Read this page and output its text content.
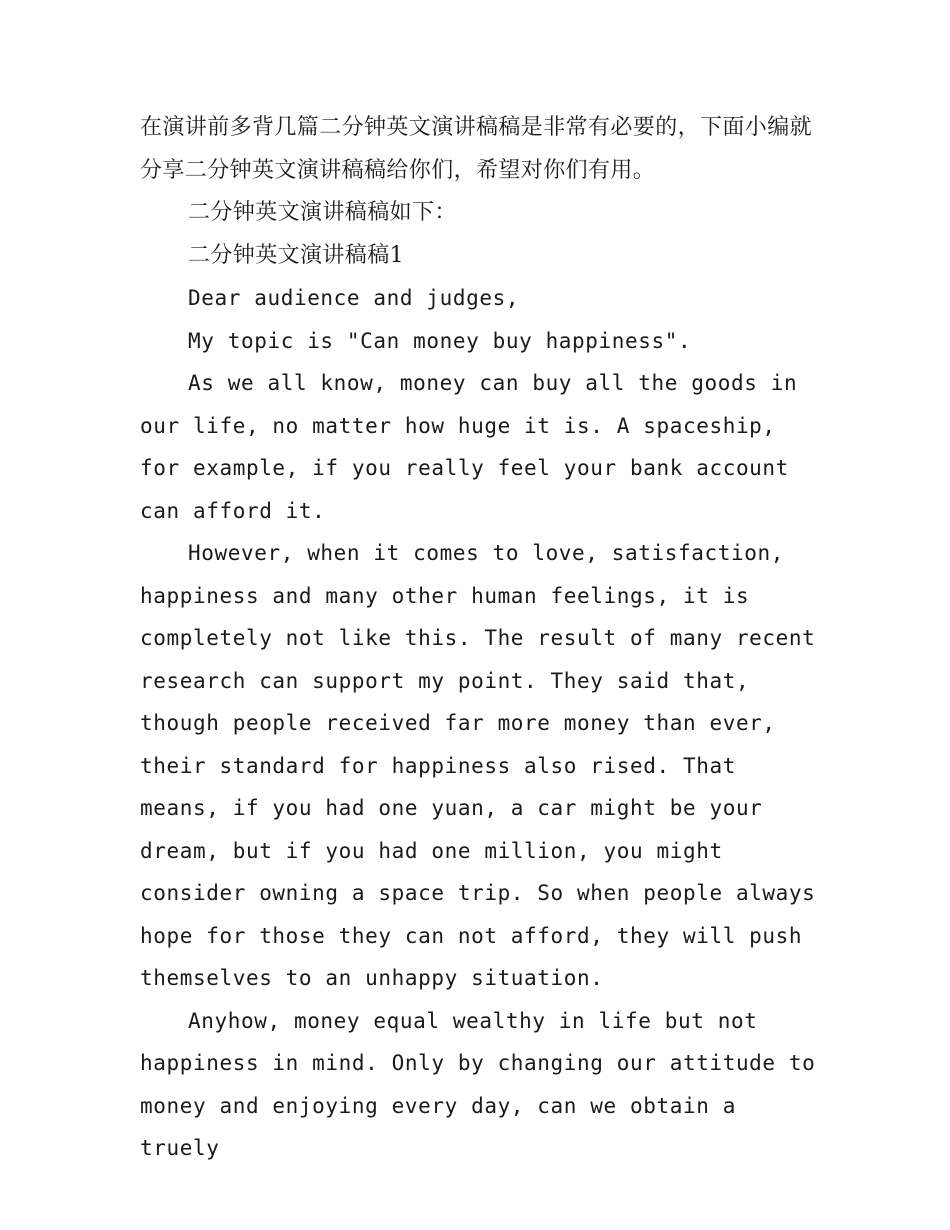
在演讲前多背几篇二分钟英文演讲稿稿是非常有必要的，下面小编就分享二分钟英文演讲稿稿给你们，希望对你们有用。

二分钟英文演讲稿稿如下：

二分钟英文演讲稿稿1

Dear audience and judges,

My topic is "Can money buy happiness".

As we all know, money can buy all the goods in our life, no matter how huge it is. A spaceship, for example, if you really feel your bank account can afford it.

However, when it comes to love, satisfaction, happiness and many other human feelings, it is completely not like this. The result of many recent research can support my point. They said that, though people received far more money than ever, their standard for happiness also rised. That means, if you had one yuan, a car might be your dream, but if you had one million, you might consider owning a space trip. So when people always hope for those they can not afford, they will push themselves to an unhappy situation.

Anyhow, money equal wealthy in life but not happiness in mind. Only by changing our attitude to money and enjoying every day, can we obtain a truely
